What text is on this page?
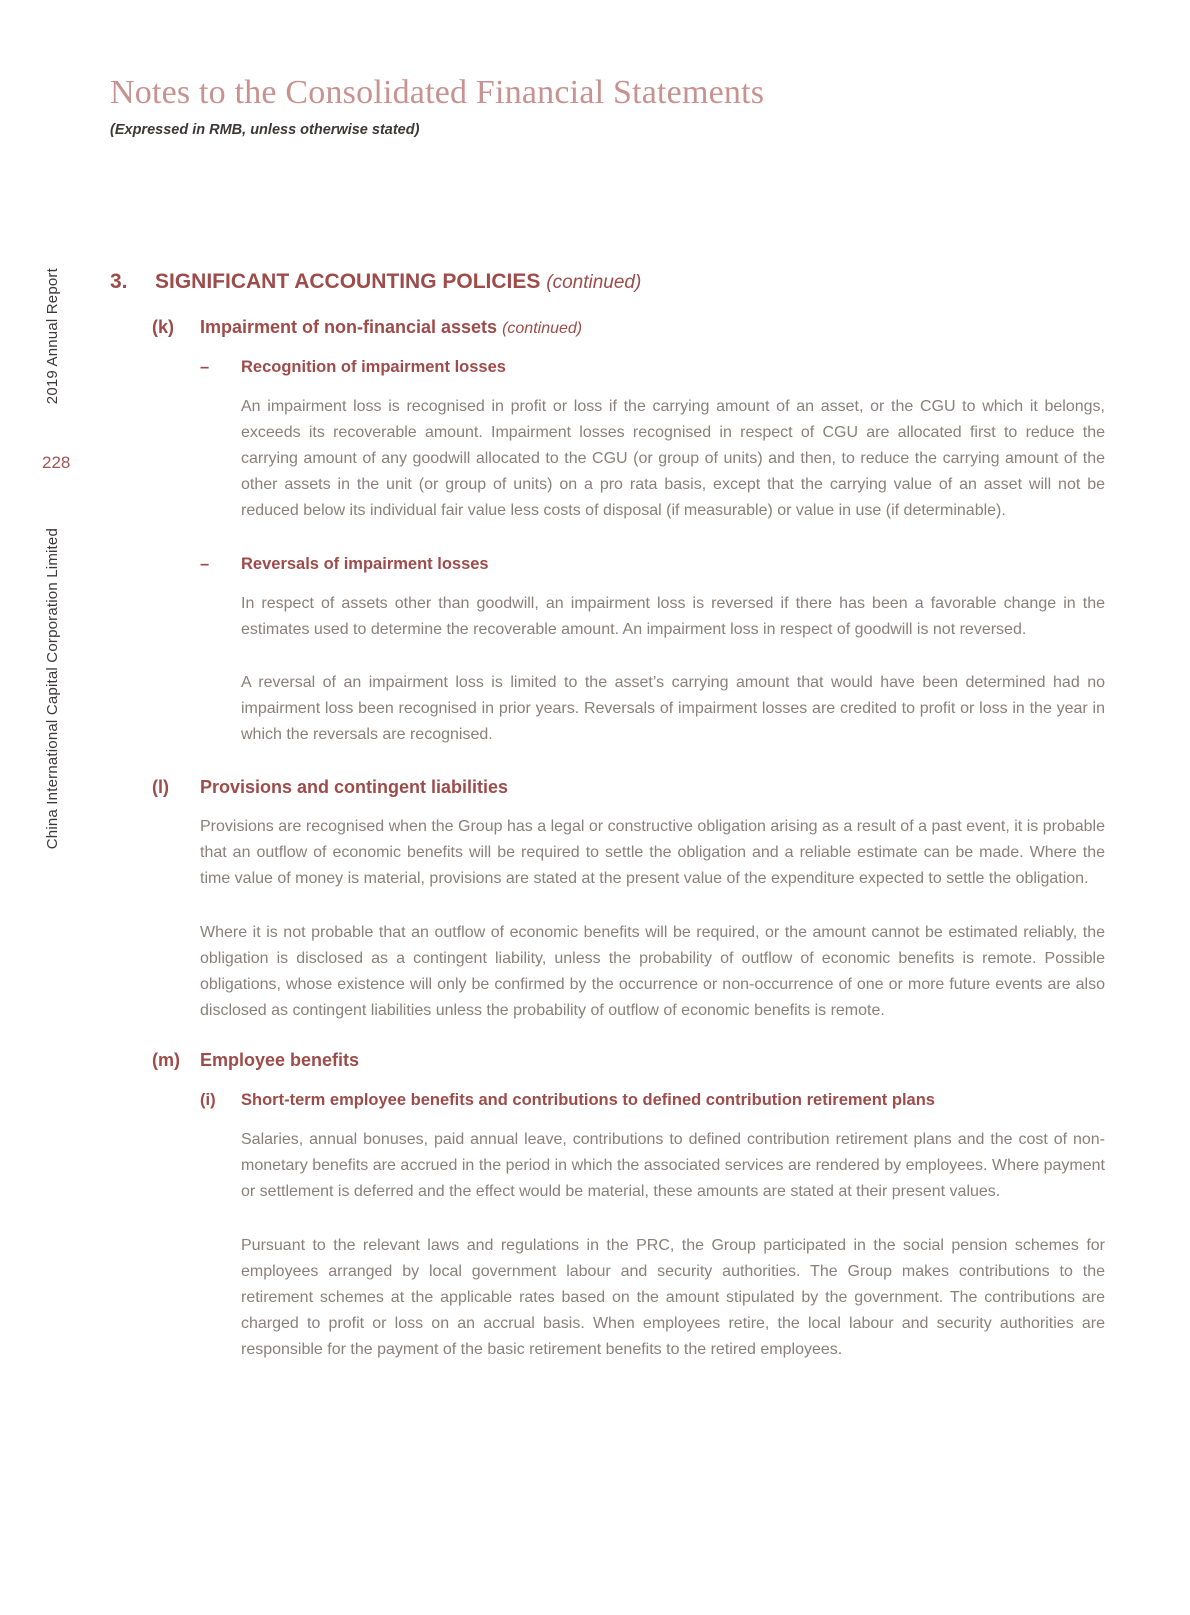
2019 Annual Report
228
China International Capital Corporation Limited
Notes to the Consolidated Financial Statements

(Expressed in RMB, unless otherwise stated)

3.	SIGNIFICANT ACCOUNTING POLICIES (continued)
(k)	Impairment of non-financial assets (continued)
–	Recognition of impairment losses

An impairment loss is recognised in profit or loss if the carrying amount of an asset, or the CGU to which it belongs, exceeds its recoverable amount. Impairment losses recognised in respect of CGU are allocated first to reduce the carrying amount of any goodwill allocated to the CGU (or group of units) and then, to reduce the carrying amount of the other assets in the unit (or group of units) on a pro rata basis, except that the carrying value of an asset will not be reduced below its individual fair value less costs of disposal (if measurable) or value in use (if determinable).

–	Reversals of impairment losses

In respect of assets other than goodwill, an impairment loss is reversed if there has been a favorable change in the estimates used to determine the recoverable amount. An impairment loss in respect of goodwill is not reversed.

A reversal of an impairment loss is limited to the asset’s carrying amount that would have been determined had no impairment loss been recognised in prior years. Reversals of impairment losses are credited to profit or loss in the year in which the reversals are recognised.

(l)	Provisions and contingent liabilities

Provisions are recognised when the Group has a legal or constructive obligation arising as a result of a past event, it is probable that an outflow of economic benefits will be required to settle the obligation and a reliable estimate can be made. Where the time value of money is material, provisions are stated at the present value of the expenditure expected to settle the obligation.

Where it is not probable that an outflow of economic benefits will be required, or the amount cannot be estimated reliably, the obligation is disclosed as a contingent liability, unless the probability of outflow of economic benefits is remote. Possible obligations, whose existence will only be confirmed by the occurrence or non-occurrence of one or more future events are also disclosed as contingent liabilities unless the probability of outflow of economic benefits is remote.

(m)	Employee benefits
(i)	Short-term employee benefits and contributions to defined contribution retirement plans

Salaries, annual bonuses, paid annual leave, contributions to defined contribution retirement plans and the cost of non-monetary benefits are accrued in the period in which the associated services are rendered by employees. Where payment or settlement is deferred and the effect would be material, these amounts are stated at their present values.

Pursuant to the relevant laws and regulations in the PRC, the Group participated in the social pension schemes for employees arranged by local government labour and security authorities. The Group makes contributions to the retirement schemes at the applicable rates based on the amount stipulated by the government. The contributions are charged to profit or loss on an accrual basis. When employees retire, the local labour and security authorities are responsible for the payment of the basic retirement benefits to the retired employees.
